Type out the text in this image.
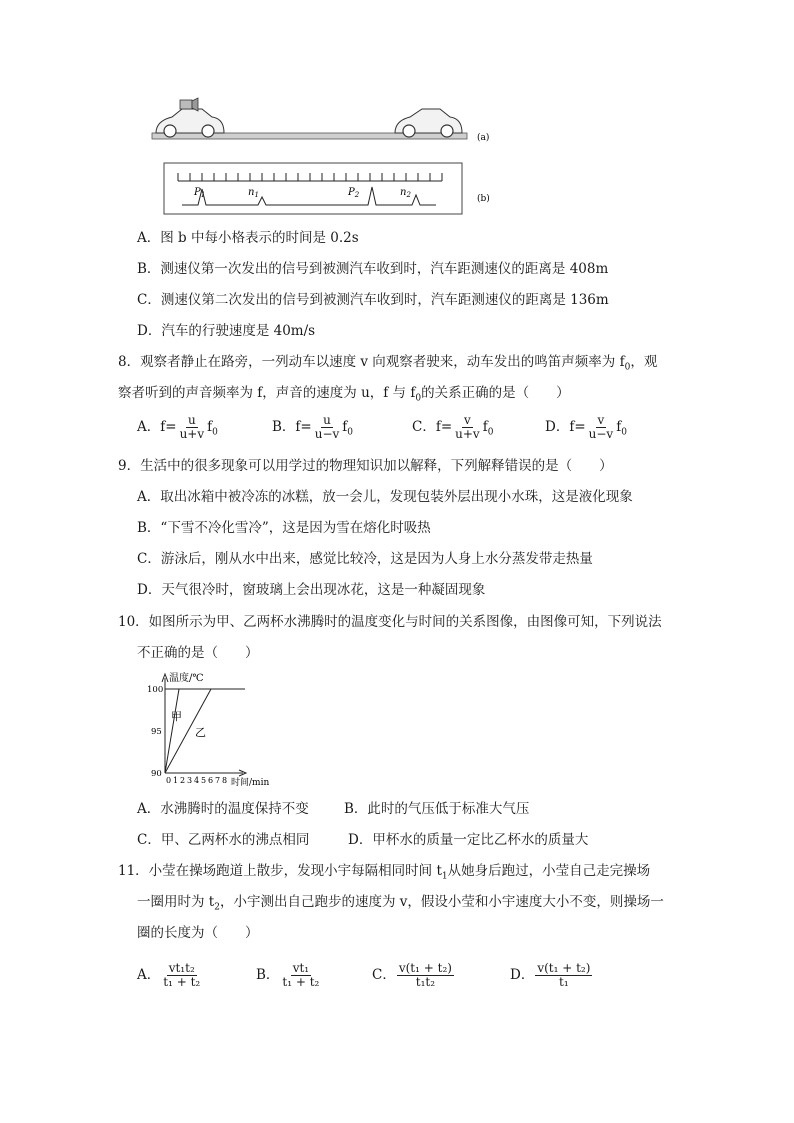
(a)
$P_1$	$n_1$	$P_2$	$n_2$	(b)
A．图 b 中每小格表示的时间是 0.2s
B．测速仪第一次发出的信号到被测汽车收到时，汽车距测速仪的距离是 408m
C．测速仪第二次发出的信号到被测汽车收到时，汽车距测速仪的距离是 136m
D．汽车的行驶速度是 40m/s
8．观察者静止在路旁，一列动车以速度 v 向观察者驶来，动车发出的鸣笛声频率为 $f_0$，观
察者听到的声音频率为 f，声音的速度为 u，f 与 $f_0$的关系正确的是（　　）
A．$f= \frac{u}{u+v} f_0$	B．$f= \frac{u}{u-v} f_0$	C．$f= \frac{v}{u+v} f_0$	D．$f= \frac{v}{u-v} f_0$
9．生活中的很多现象可以用学过的物理知识加以解释，下列解释错误的是（　　）
A．取出冰箱中被冷冻的冰糕，放一会儿，发现包装外层出现小水珠，这是液化现象
B．“下雪不冷化雪冷”，这是因为雪在熔化时吸热
C．游泳后，刚从水中出来，感觉比较冷，这是因为人身上水分蒸发带走热量
D．天气很冷时，窗玻璃上会出现冰花，这是一种凝固现象
10．如图所示为甲、乙两杯水沸腾时的温度变化与时间的关系图像，由图像可知，下列说法
不正确的是（　　）
温度/℃
100
95
90
甲
乙
0 1 2 3 4 5 6 7 8 时间/min
A．水沸腾时的温度保持不变	B．此时的气压低于标准大气压
C．甲、乙两杯水的沸点相同	D．甲杯水的质量一定比乙杯水的质量大
11．小莹在操场跑道上散步，发现小宇每隔相同时间 $t_1$从她身后跑过，小莹自己走完操场
一圈用时为 $t_2$，小宇测出自己跑步的速度为 v，假设小莹和小宇速度大小不变，则操场一
圈的长度为（　　）
A． $\frac{\text{vt₁t₂}}{\text{t₁ + t₂}}$	B． $\frac{\text{vt₁}}{\text{t₁ + t₂}}$	C． $\frac{\text{v(t₁ + t₂)}}{\text{t₁t₂}}$	D． $\frac{\text{v(t₁ + t₂)}}{\text{t₁}}$
